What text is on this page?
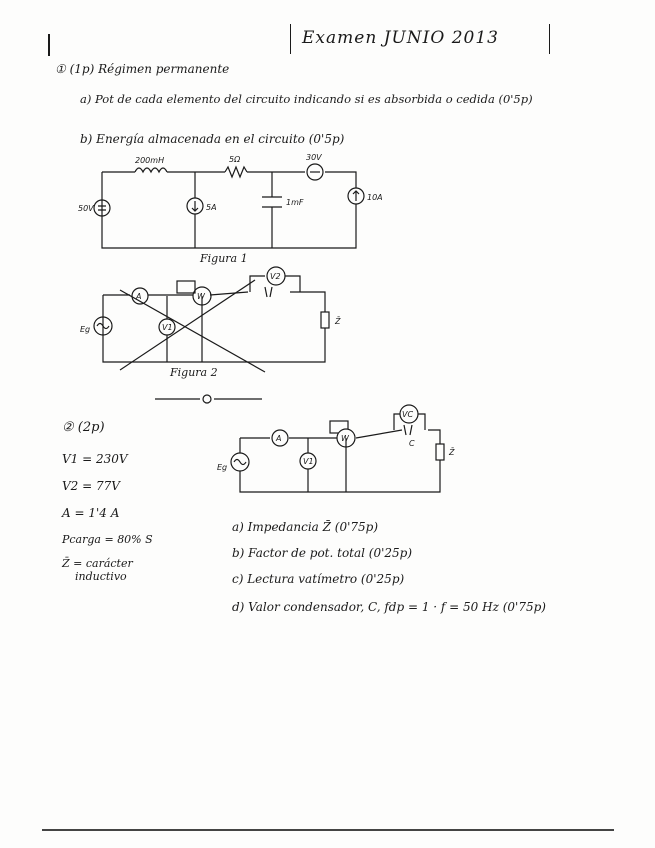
Examen JUNIO 2013
① (1p) Régimen permanente
a) Pot de cada elemento del circuito indicando si es absorbida o cedida (0'5p)
b) Energía almacenada en el circuito (0'5p)
200mH	5Ω	30V
50V	5A
1mF
10A
Figura 1
A	W
V1
V2
Eg
Z̄
Figura 2
② (2p)
V1 = 230V
V2 = 77V
A = 1'4 A
Pcarga = 80% S
Z̄ = carácter
inductivo
A	W
V1
VC
C
Eg
Z̄
a) Impedancia Z̄ (0'75p)
b) Factor de pot. total (0'25p)
c) Lectura vatímetro (0'25p)
d) Valor condensador, C, fdp = 1 · f = 50 Hz (0'75p)
